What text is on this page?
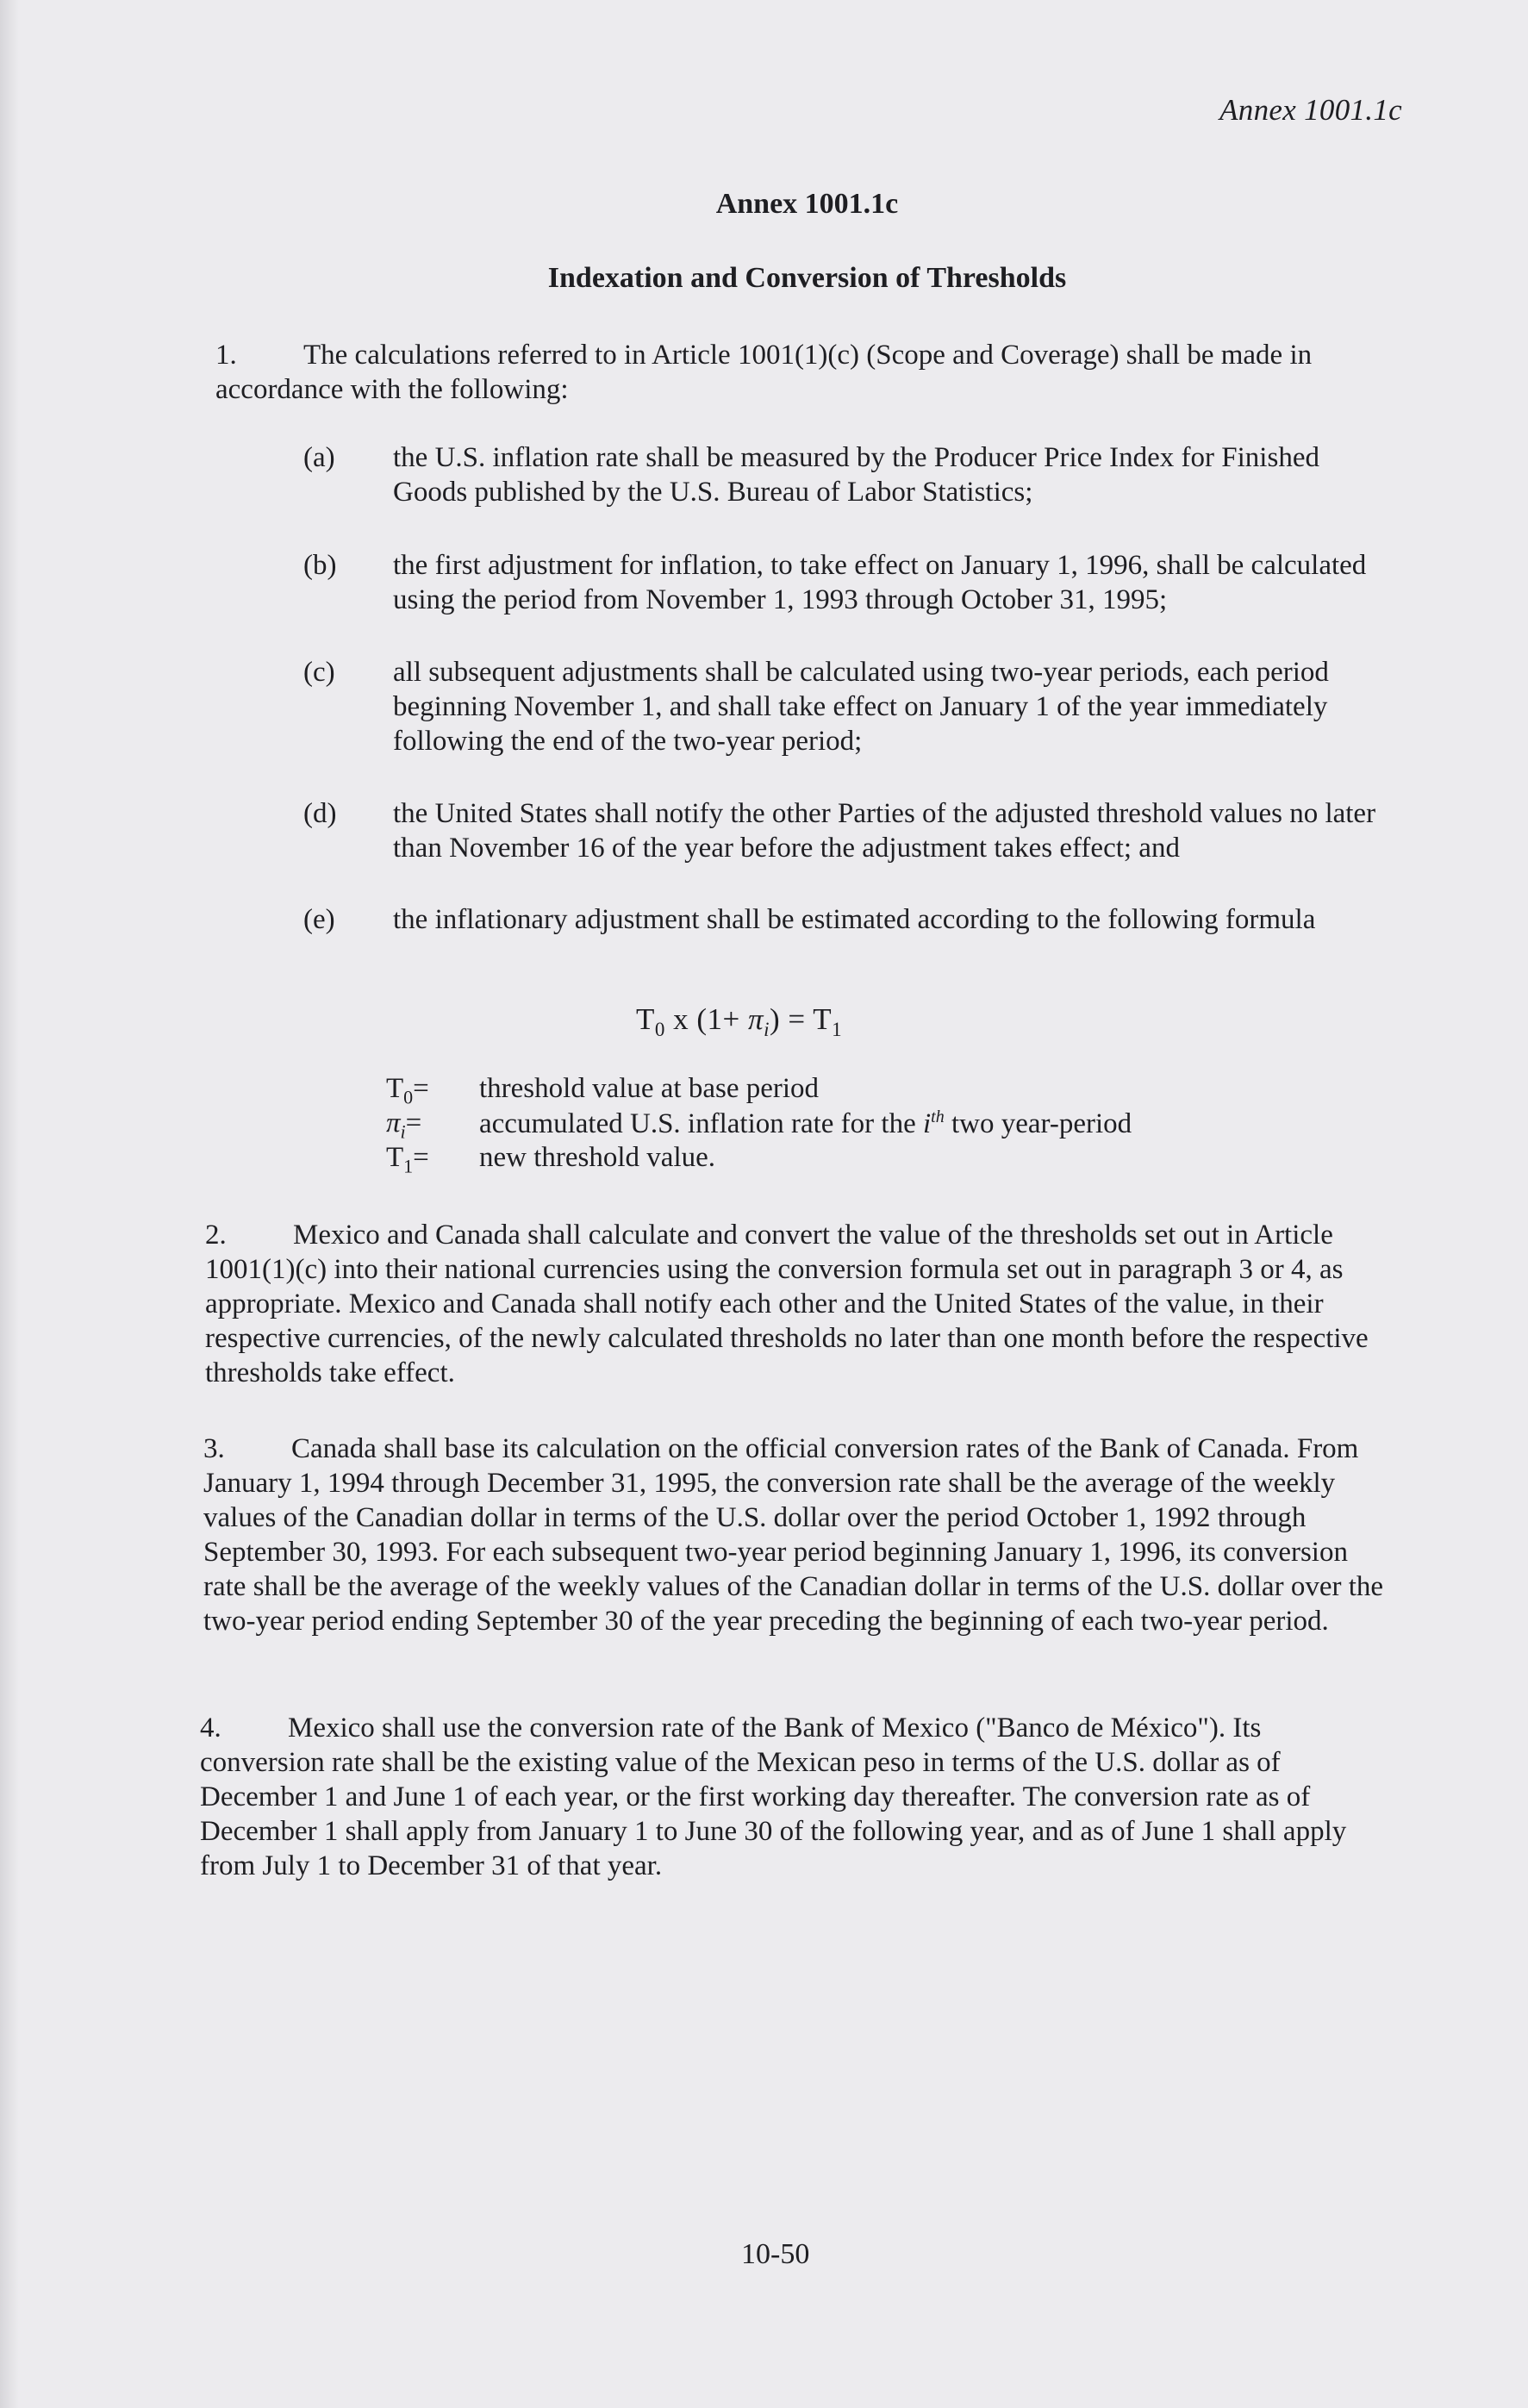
Annex 1001.1c
Annex 1001.1c
Indexation and Conversion of Thresholds

1. The calculations referred to in Article 1001(1)(c) (Scope and Coverage) shall be made in accordance with the following:

(a) the U.S. inflation rate shall be measured by the Producer Price Index for Finished Goods published by the U.S. Bureau of Labor Statistics;
(b) the first adjustment for inflation, to take effect on January 1, 1996, shall be calculated using the period from November 1, 1993 through October 31, 1995;
(c) all subsequent adjustments shall be calculated using two-year periods, each period beginning November 1, and shall take effect on January 1 of the year immediately following the end of the two-year period;
(d) the United States shall notify the other Parties of the adjusted threshold values no later than November 16 of the year before the adjustment takes effect; and
(e) the inflationary adjustment shall be estimated according to the following formula
$T_0$ x $(1+ \pi_i) = T_1$
$T_0=$	threshold value at base period
$\pi_i=$	accumulated U.S. inflation rate for the $i^{th}$ two year-period
$T_1=$	new threshold value.

2. Mexico and Canada shall calculate and convert the value of the thresholds set out in Article 1001(1)(c) into their national currencies using the conversion formula set out in paragraph 3 or 4, as appropriate. Mexico and Canada shall notify each other and the United States of the value, in their respective currencies, of the newly calculated thresholds no later than one month before the respective thresholds take effect.

3. Canada shall base its calculation on the official conversion rates of the Bank of Canada. From January 1, 1994 through December 31, 1995, the conversion rate shall be the average of the weekly values of the Canadian dollar in terms of the U.S. dollar over the period October 1, 1992 through September 30, 1993. For each subsequent two-year period beginning January 1, 1996, its conversion rate shall be the average of the weekly values of the Canadian dollar in terms of the U.S. dollar over the two-year period ending September 30 of the year preceding the beginning of each two-year period.

4. Mexico shall use the conversion rate of the Bank of Mexico ("Banco de México"). Its conversion rate shall be the existing value of the Mexican peso in terms of the U.S. dollar as of December 1 and June 1 of each year, or the first working day thereafter. The conversion rate as of December 1 shall apply from January 1 to June 30 of the following year, and as of June 1 shall apply from July 1 to December 31 of that year.

10-50
